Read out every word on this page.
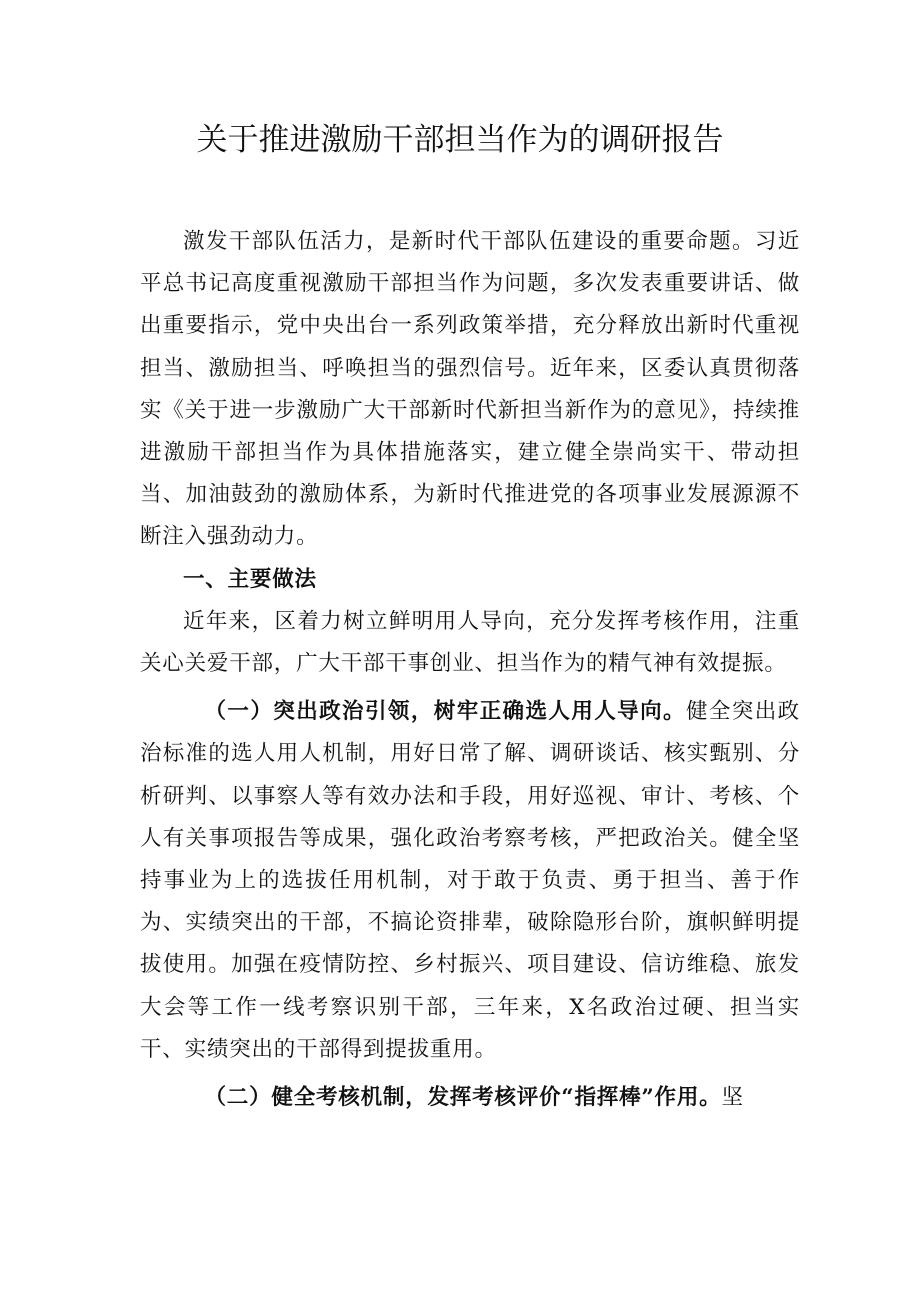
关于推进激励干部担当作为的调研报告

激发干部队伍活力，是新时代干部队伍建设的重要命题。习近平总书记高度重视激励干部担当作为问题，多次发表重要讲话、做出重要指示，党中央出台一系列政策举措，充分释放出新时代重视担当、激励担当、呼唤担当的强烈信号。近年来，区委认真贯彻落实《关于进一步激励广大干部新时代新担当新作为的意见》，持续推进激励干部担当作为具体措施落实，建立健全崇尚实干、带动担当、加油鼓劲的激励体系，为新时代推进党的各项事业发展源源不断注入强劲动力。

一、主要做法

近年来，区着力树立鲜明用人导向，充分发挥考核作用，注重关心关爱干部，广大干部干事创业、担当作为的精气神有效提振。

（一）突出政治引领，树牢正确选人用人导向。健全突出政治标准的选人用人机制，用好日常了解、调研谈话、核实甄别、分析研判、以事察人等有效办法和手段，用好巡视、审计、考核、个人有关事项报告等成果，强化政治考察考核，严把政治关。健全坚持事业为上的选拔任用机制，对于敢于负责、勇于担当、善于作为、实绩突出的干部，不搞论资排辈，破除隐形台阶，旗帜鲜明提拔使用。加强在疫情防控、乡村振兴、项目建设、信访维稳、旅发大会等工作一线考察识别干部，三年来，X名政治过硬、担当实干、实绩突出的干部得到提拔重用。

（二）健全考核机制，发挥考核评价“指挥棒”作用。坚
